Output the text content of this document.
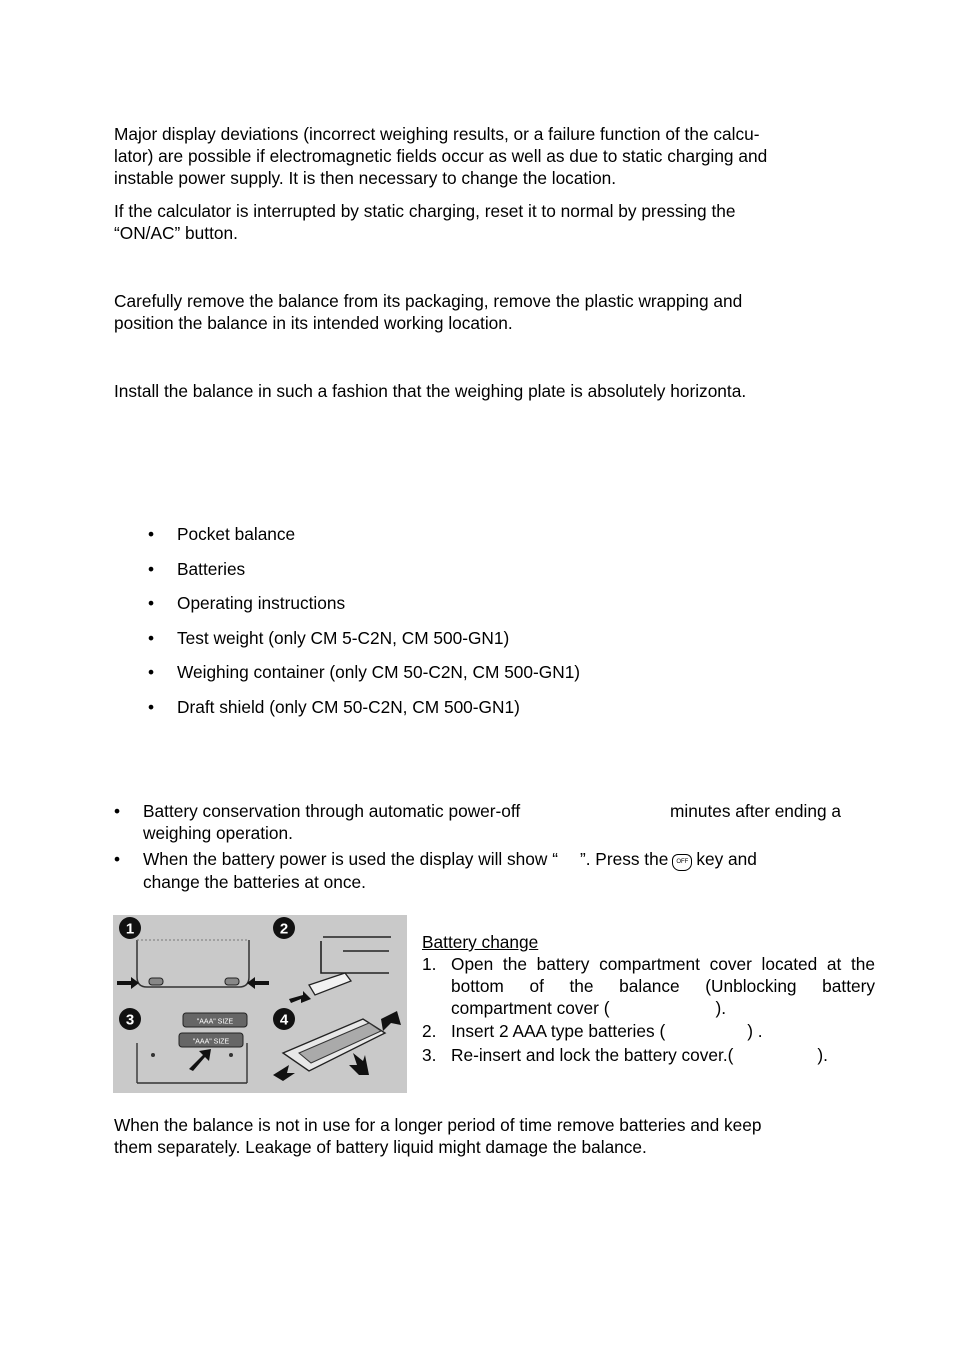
Major display deviations (incorrect weighing results, or a failure function of the calcu-
lator) are possible if electromagnetic fields occur as well as due to static charging and
instable power supply. It is then necessary to change the location.
If the calculator is interrupted by static charging, reset it to normal by pressing the
“ON/AC” button.
Carefully remove the balance from its packaging, remove the plastic wrapping and
position the balance in its intended working location.
Install the balance in such a fashion that the weighing plate is absolutely horizonta.
• Pocket balance
• Batteries
• Operating instructions
• Test weight (only CM 5-C2N, CM 500-GN1)
• Weighing container (only CM 50-C2N, CM 500-GN1)
• Draft shield (only CM 50-C2N, CM 500-GN1)
• Battery conservation through automatic power-off	minutes after ending a
weighing operation.
• When the battery power is used the display will show “ ”. Press the OFF key and
change the batteries at once.
"AAA" SIZE
"AAA" SIZE
1	2
3	4

Battery change

1. Open the battery compartment cover located at the bottom of the balance (Unblocking battery compartment cover (	).
2. Insert 2 AAA type batteries (	) .
3. Re-insert and lock the battery cover.(	).
When the balance is not in use for a longer period of time remove batteries and keep
them separately. Leakage of battery liquid might damage the balance.
